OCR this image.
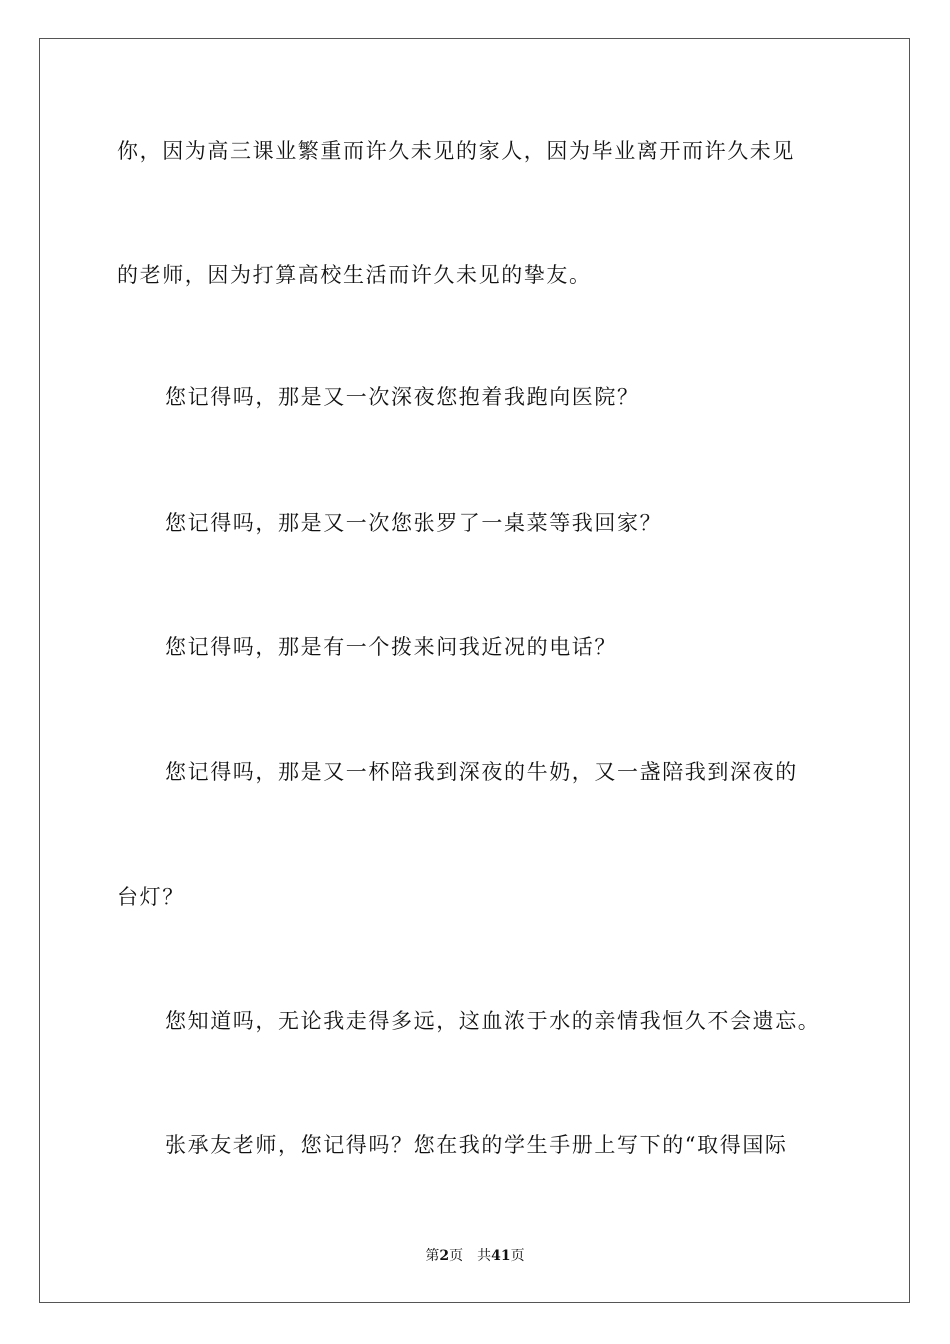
你，因为高三课业繁重而许久未见的家人，因为毕业离开而许久未见
的老师，因为打算高校生活而许久未见的挚友。
您记得吗，那是又一次深夜您抱着我跑向医院？
您记得吗，那是又一次您张罗了一桌菜等我回家？
您记得吗，那是有一个拨来问我近况的电话？
您记得吗，那是又一杯陪我到深夜的牛奶，又一盏陪我到深夜的
台灯？
您知道吗，无论我走得多远，这血浓于水的亲情我恒久不会遗忘。
张承友老师，您记得吗？您在我的学生手册上写下的“取得国际
第2页 共41页
